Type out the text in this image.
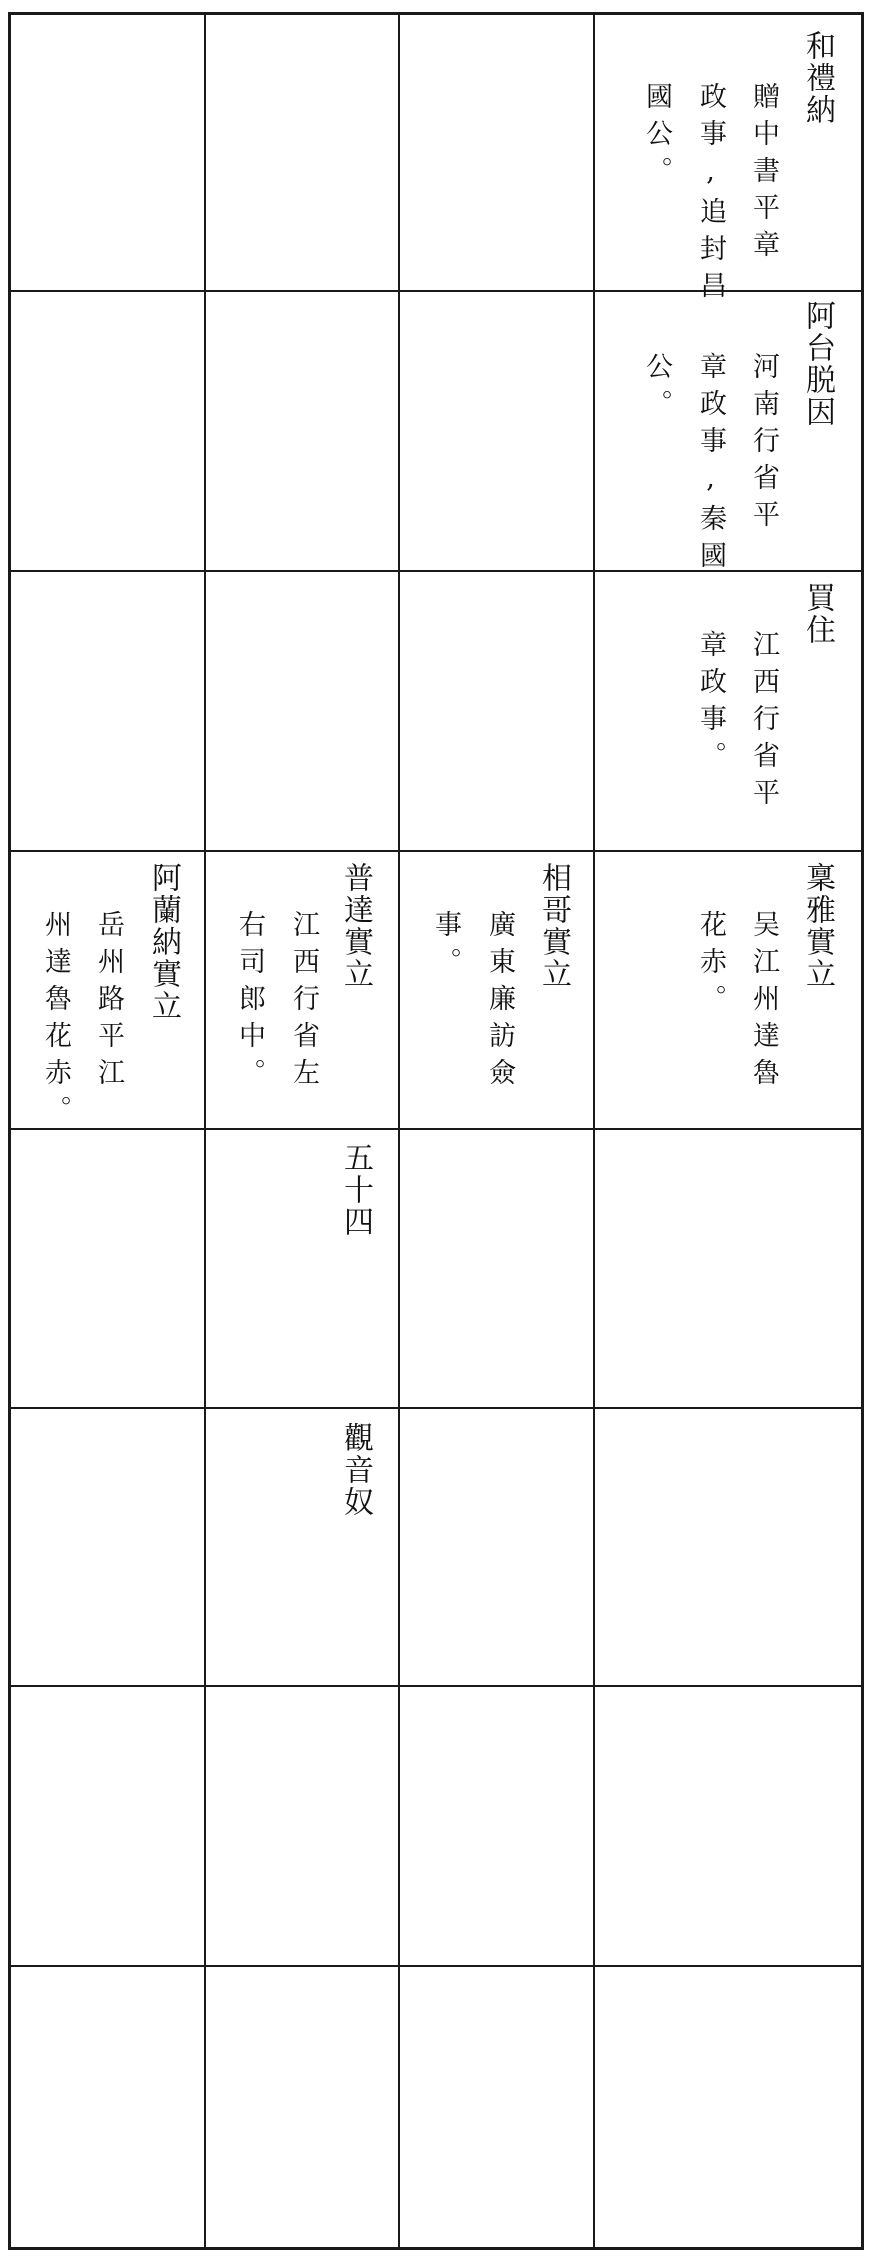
和禮納
贈中書平章
政事,追封昌
國公。
阿台脱因
河南行省平
章政事,秦國
公。
買住
江西行省平
章政事。
稟雅實立
吴江州達魯
花赤。
相哥實立
廣東廉訪僉
事。
普達實立
江西行省左
右司郎中。
阿蘭納實立
岳州路平江
州達魯花赤。
五十四
觀音奴
